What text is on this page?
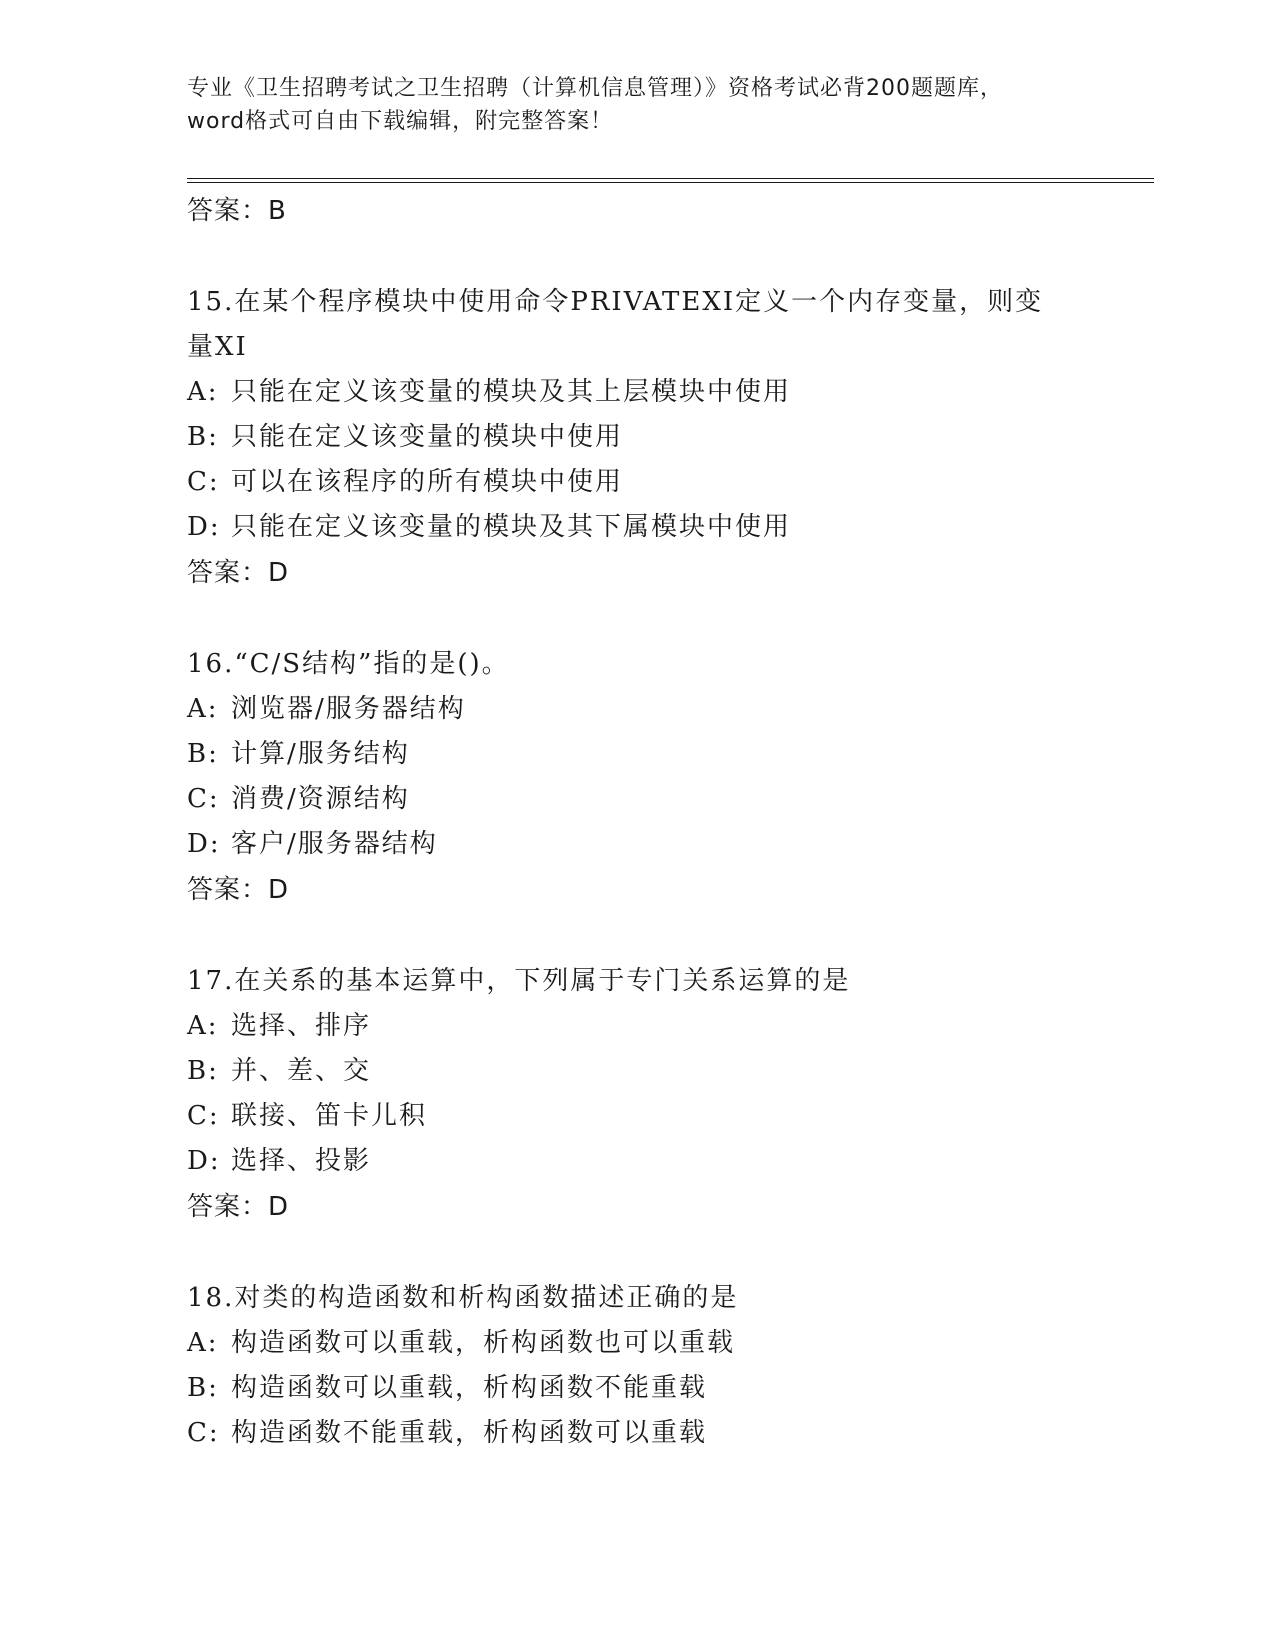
专业《卫生招聘考试之卫生招聘（计算机信息管理）》资格考试必背200题题库，
word格式可自由下载编辑，附完整答案！

答案：B

15.在某个程序模块中使用命令PRIVATEXI定义一个内存变量，则变量XI

A: 只能在定义该变量的模块及其上层模块中使用

B: 只能在定义该变量的模块中使用

C: 可以在该程序的所有模块中使用

D: 只能在定义该变量的模块及其下属模块中使用

答案：D

16.“C/S结构”指的是()。

A: 浏览器/服务器结构

B: 计算/服务结构

C: 消费/资源结构

D: 客户/服务器结构

答案：D

17.在关系的基本运算中，下列属于专门关系运算的是

A: 选择、排序

B: 并、差、交

C: 联接、笛卡儿积

D: 选择、投影

答案：D

18.对类的构造函数和析构函数描述正确的是

A: 构造函数可以重载，析构函数也可以重载

B: 构造函数可以重载，析构函数不能重载

C: 构造函数不能重载，析构函数可以重载
